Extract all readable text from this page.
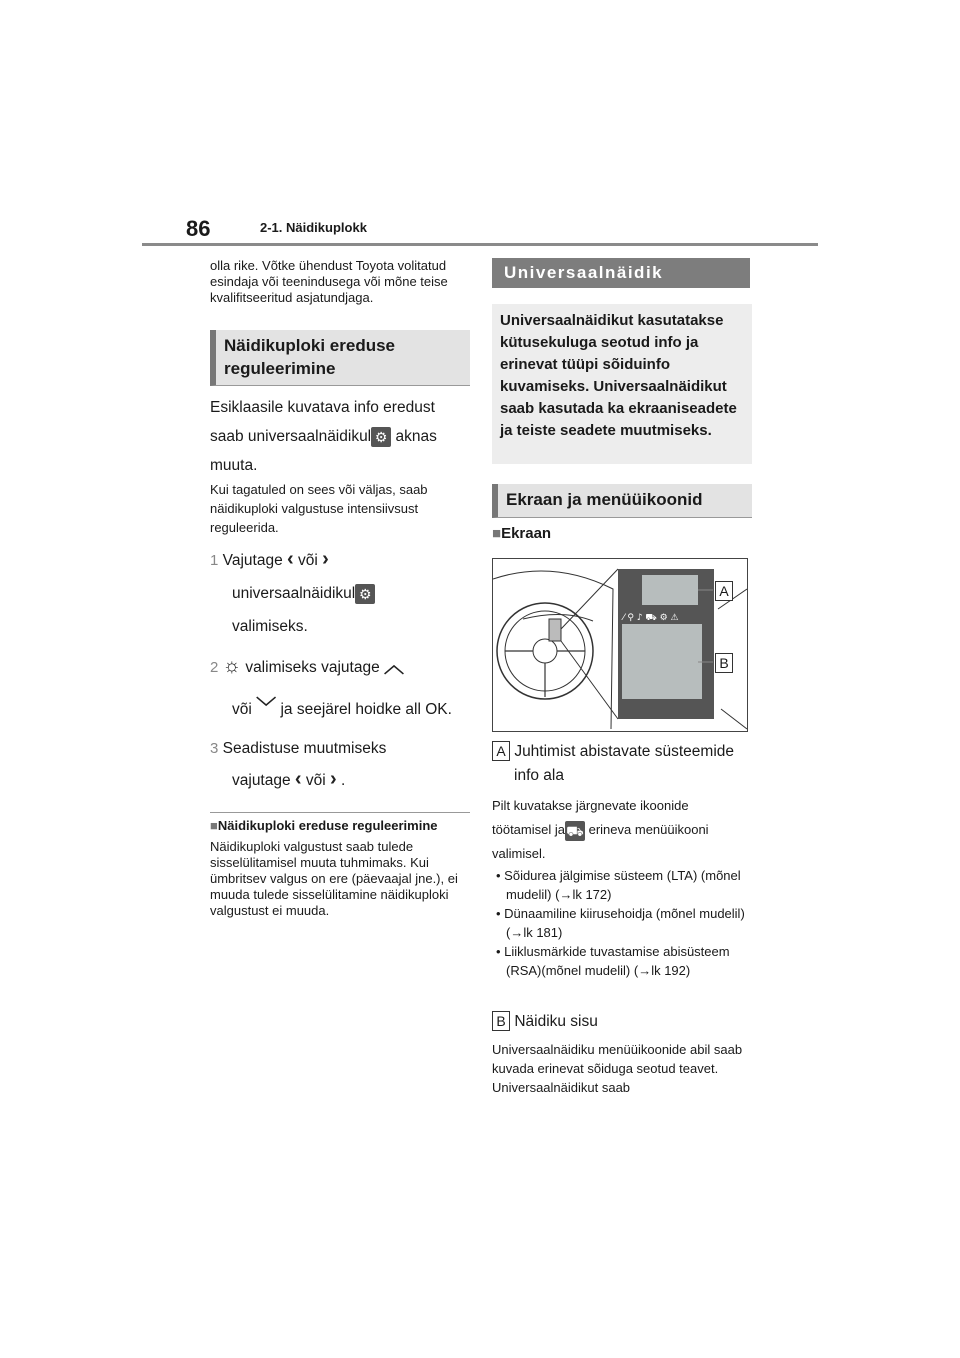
86	2-1. Näidikuplokk
olla rike. Võtke ühendust Toyota volitatud esindaja või teenindusega või mõne teise kvalifitseeritud asjatundjaga.
Näidikuploki ereduse reguleerimine
Esiklaasile kuvatava info eredust
saab universaalnäidikul ⚙ aknas
muuta.
Kui tagatuled on sees või väljas, saab näidikuploki valgustuse intensiivsust reguleerida.
1 Vajutage ‹ või ›
universaalnäidikul ⚙
valimiseks.
2 ☼ valimiseks vajutage ︿
või ﹀ ja seejärel hoidke all OK.
3 Seadistuse muutmiseks
vajutage ‹ või › .
■Näidikuploki ereduse reguleerimine
Näidikuploki valgustust saab tulede sisselülitamisel muuta tuhmimaks. Kui ümbritsev valgus on ere (päevaajal jne.), ei muuda tulede sisselülitamine näidikuploki valgustust ei muuda.
Universaalnäidik
Universaalnäidikut kasutatakse kütusekuluga seotud info ja erinevat tüüpi sõiduinfo kuvamiseks. Universaalnäidikut saab kasutada ka ekraaniseadete ja teiste seadete muutmiseks.
Ekraan ja menüüikoonid
■Ekraan
⁄ ⚲ ♪ ⛟ ⚙ ⚠
A
B
A Juhtimist abistavate süsteemide
info ala
Pilt kuvatakse järgnevate ikoonide
töötamisel ja⛟ erineva menüüikooni
valimisel.
• Sõidurea jälgimise süsteem (LTA) (mõnel mudelil) (→lk 172)
• Dünaamiline kiirusehoidja (mõnel mudelil) (→lk 181)
• Liiklusmärkide tuvastamise abisüsteem (RSA)(mõnel mudelil) (→lk 192)
B Näidiku sisu
Universaalnäidiku menüüikoonide abil saab kuvada erinevat sõiduga seotud teavet. Universaalnäidikut saab
